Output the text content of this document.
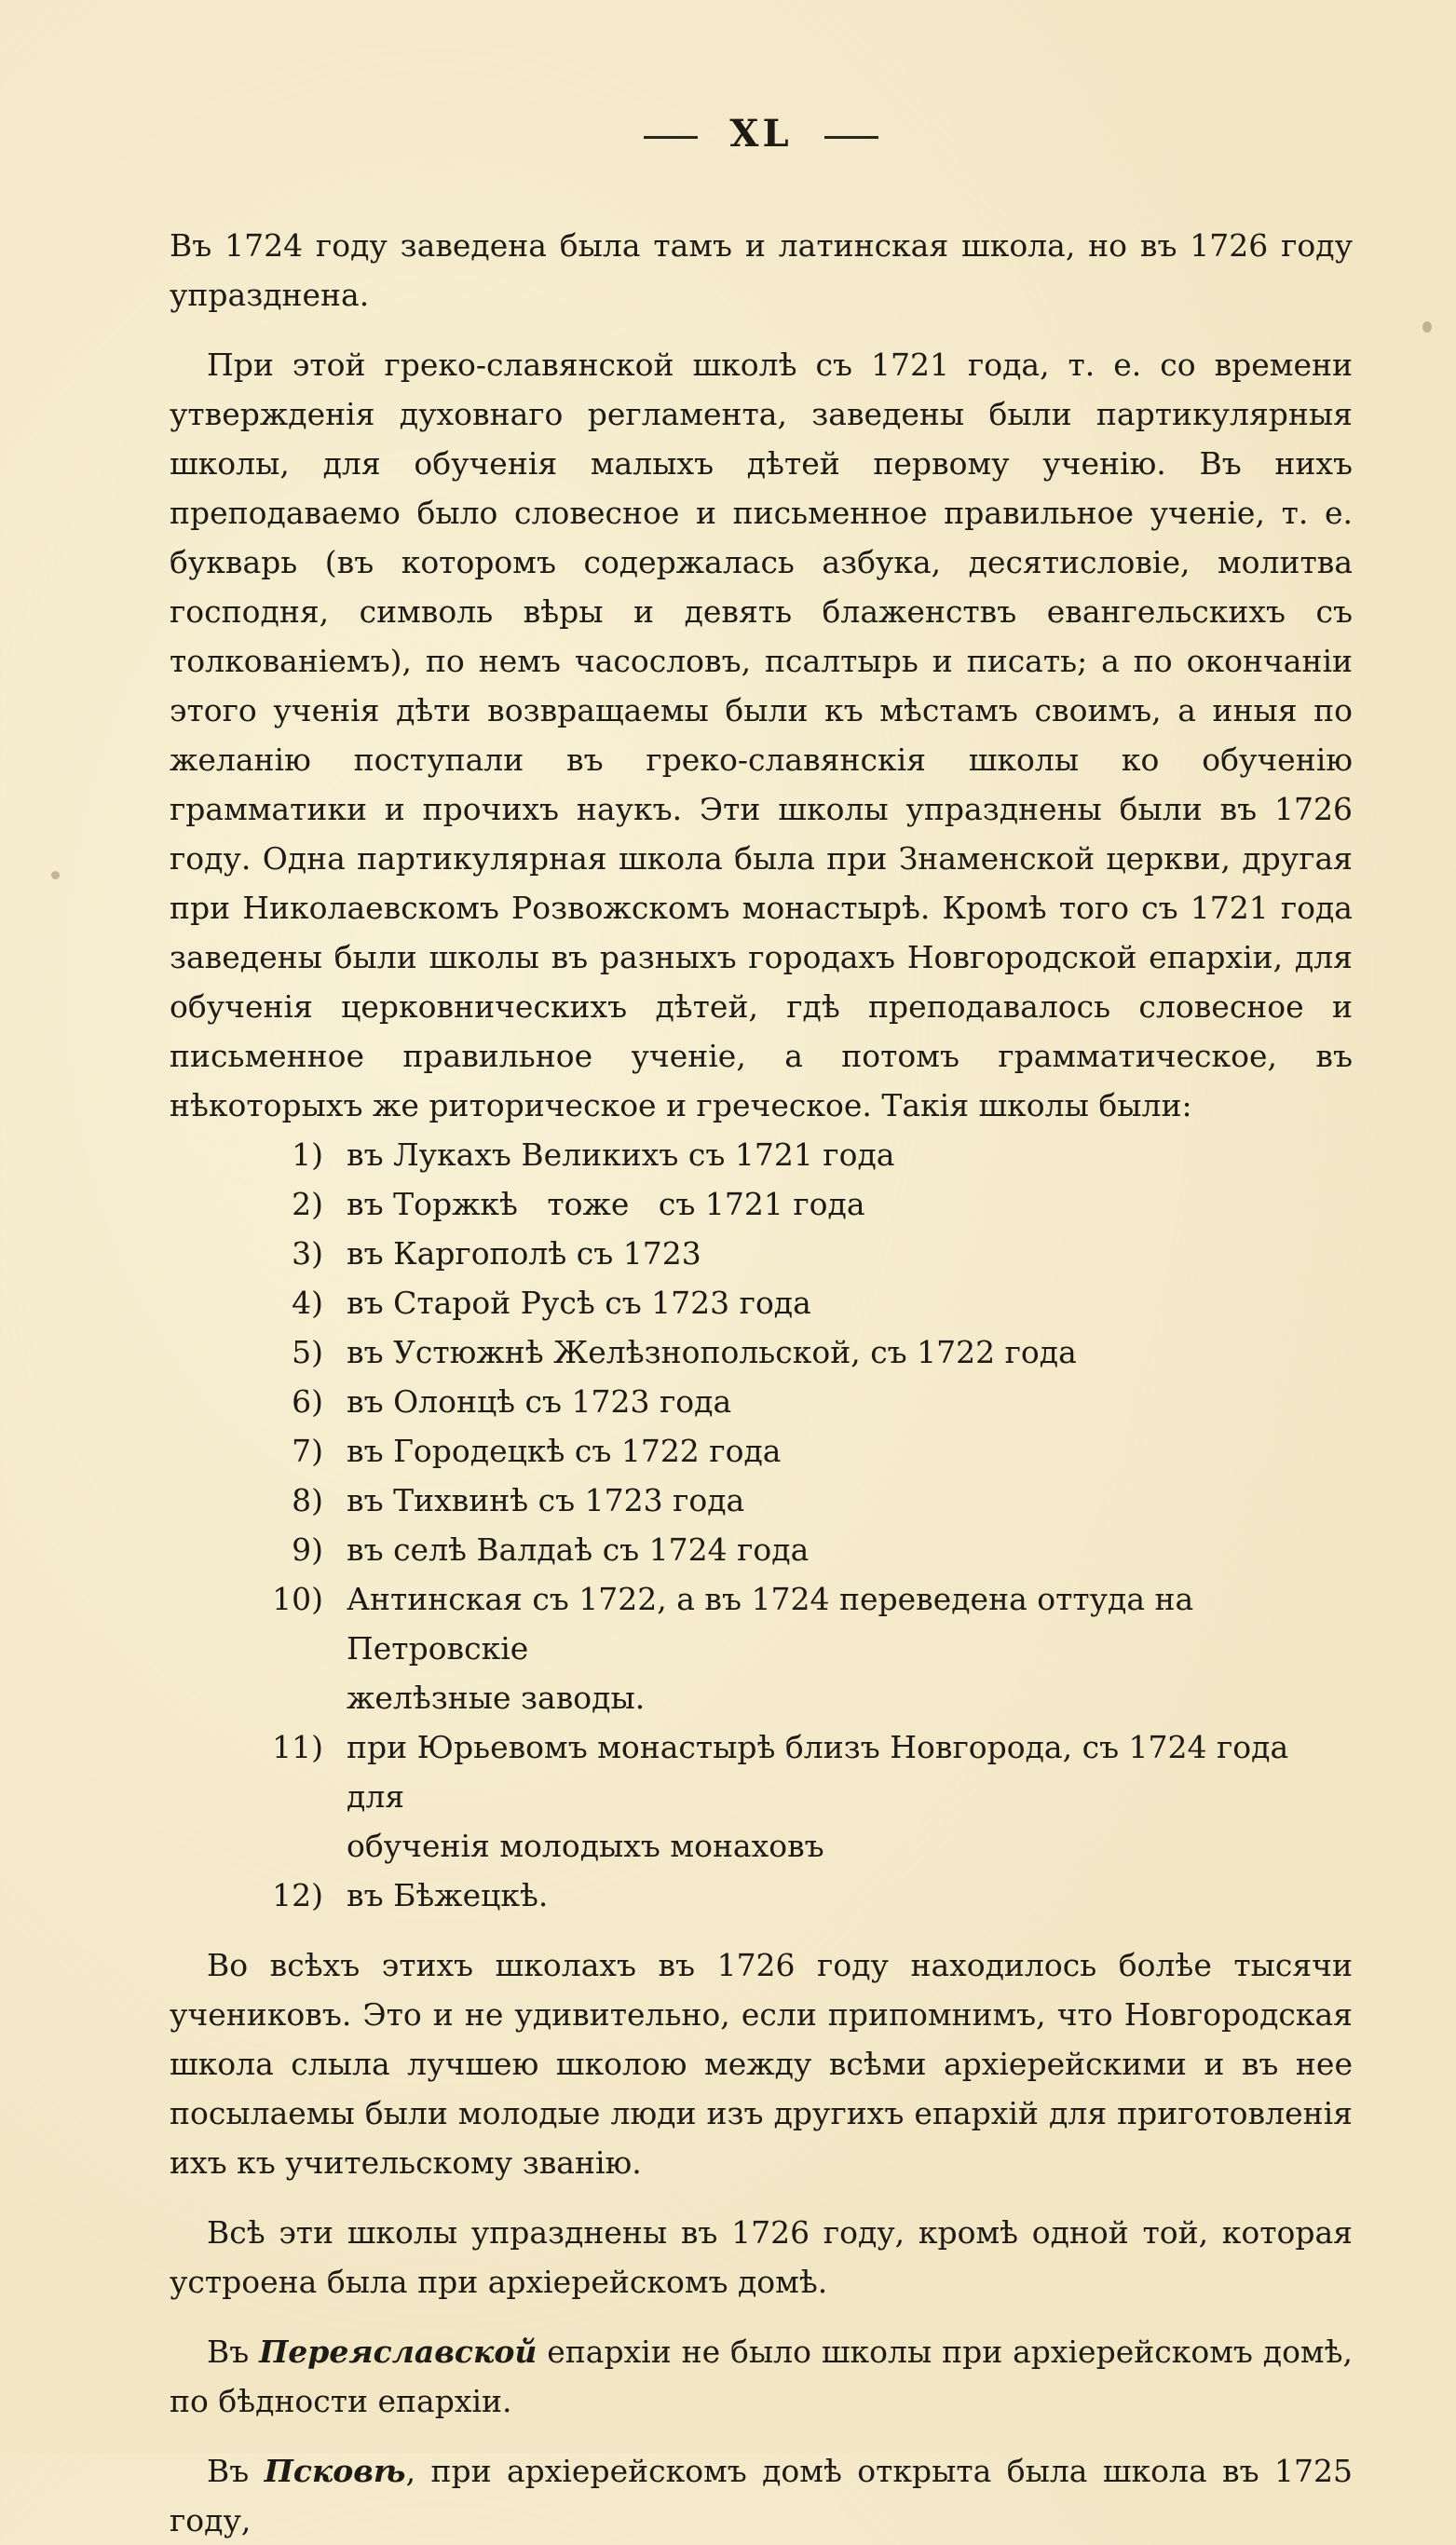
XL

Въ 1724 году заведена была тамъ и латинская школа, но въ 1726 году упразднена.

При этой греко-славянской школѣ съ 1721 года, т. е. со времени утвержденія духовнаго регламента, заведены были партикулярныя школы, для обученія малыхъ дѣтей первому ученію. Въ нихъ преподаваемо было словесное и письменное правильное ученіе, т. е. букварь (въ которомъ содержалась азбука, десятисловіе, молитва господня, символь вѣры и девять блаженствъ евангельскихъ съ толкованіемъ), по немъ часословъ, псалтырь и писать; а по окончаніи этого ученія дѣти возвращаемы были къ мѣстамъ своимъ, а иныя по желанію поступали въ греко-славянскія школы ко обученію грамматики и прочихъ наукъ. Эти школы упразднены были въ 1726 году. Одна партикулярная школа была при Знаменской церкви, другая при Николаевскомъ Розвожскомъ монастырѣ. Кромѣ того съ 1721 года заведены были школы въ разныхъ городахъ Новгородской епархіи, для обученія церковническихъ дѣтей, гдѣ преподавалось словесное и письменное правильное ученіе, а потомъ грамматическое, въ нѣкоторыхъ же риторическое и греческое. Такія школы были:

1) въ Лукахъ Великихъ съ 1721 года
2) въ Торжкѣ   тоже   съ 1721 года
3) въ Каргополѣ съ 1723
4) въ Старой Русѣ съ 1723 года
5) въ Устюжнѣ Желѣзнопольской, съ 1722 года
6) въ Олонцѣ съ 1723 года
7) въ Городецкѣ съ 1722 года
8) въ Тихвинѣ съ 1723 года
9) въ селѣ Валдаѣ съ 1724 года
10) Антинская съ 1722, а въ 1724 переведена оттуда на Петровскіе
желѣзные заводы.
11) при Юрьевомъ монастырѣ близъ Новгорода, съ 1724 года для
обученія молодыхъ монаховъ
12) въ Бѣжецкѣ.

Во всѣхъ этихъ школахъ въ 1726 году находилось болѣе тысячи учениковъ. Это и не удивительно, если припомнимъ, что Новгородская школа слыла лучшею школою между всѣми архіерейскими и въ нее посылаемы были молодые люди изъ другихъ епархій для приготовленія ихъ къ учительскому званію.

Всѣ эти школы упразднены въ 1726 году, кромѣ одной той, которая устроена была при архіерейскомъ домѣ.

Въ Переяславской епархіи не было школы при архіерейскомъ домѣ, по бѣдности епархіи.

Въ Псковѣ, при архіерейскомъ домѣ открыта была школа въ 1725 году,
